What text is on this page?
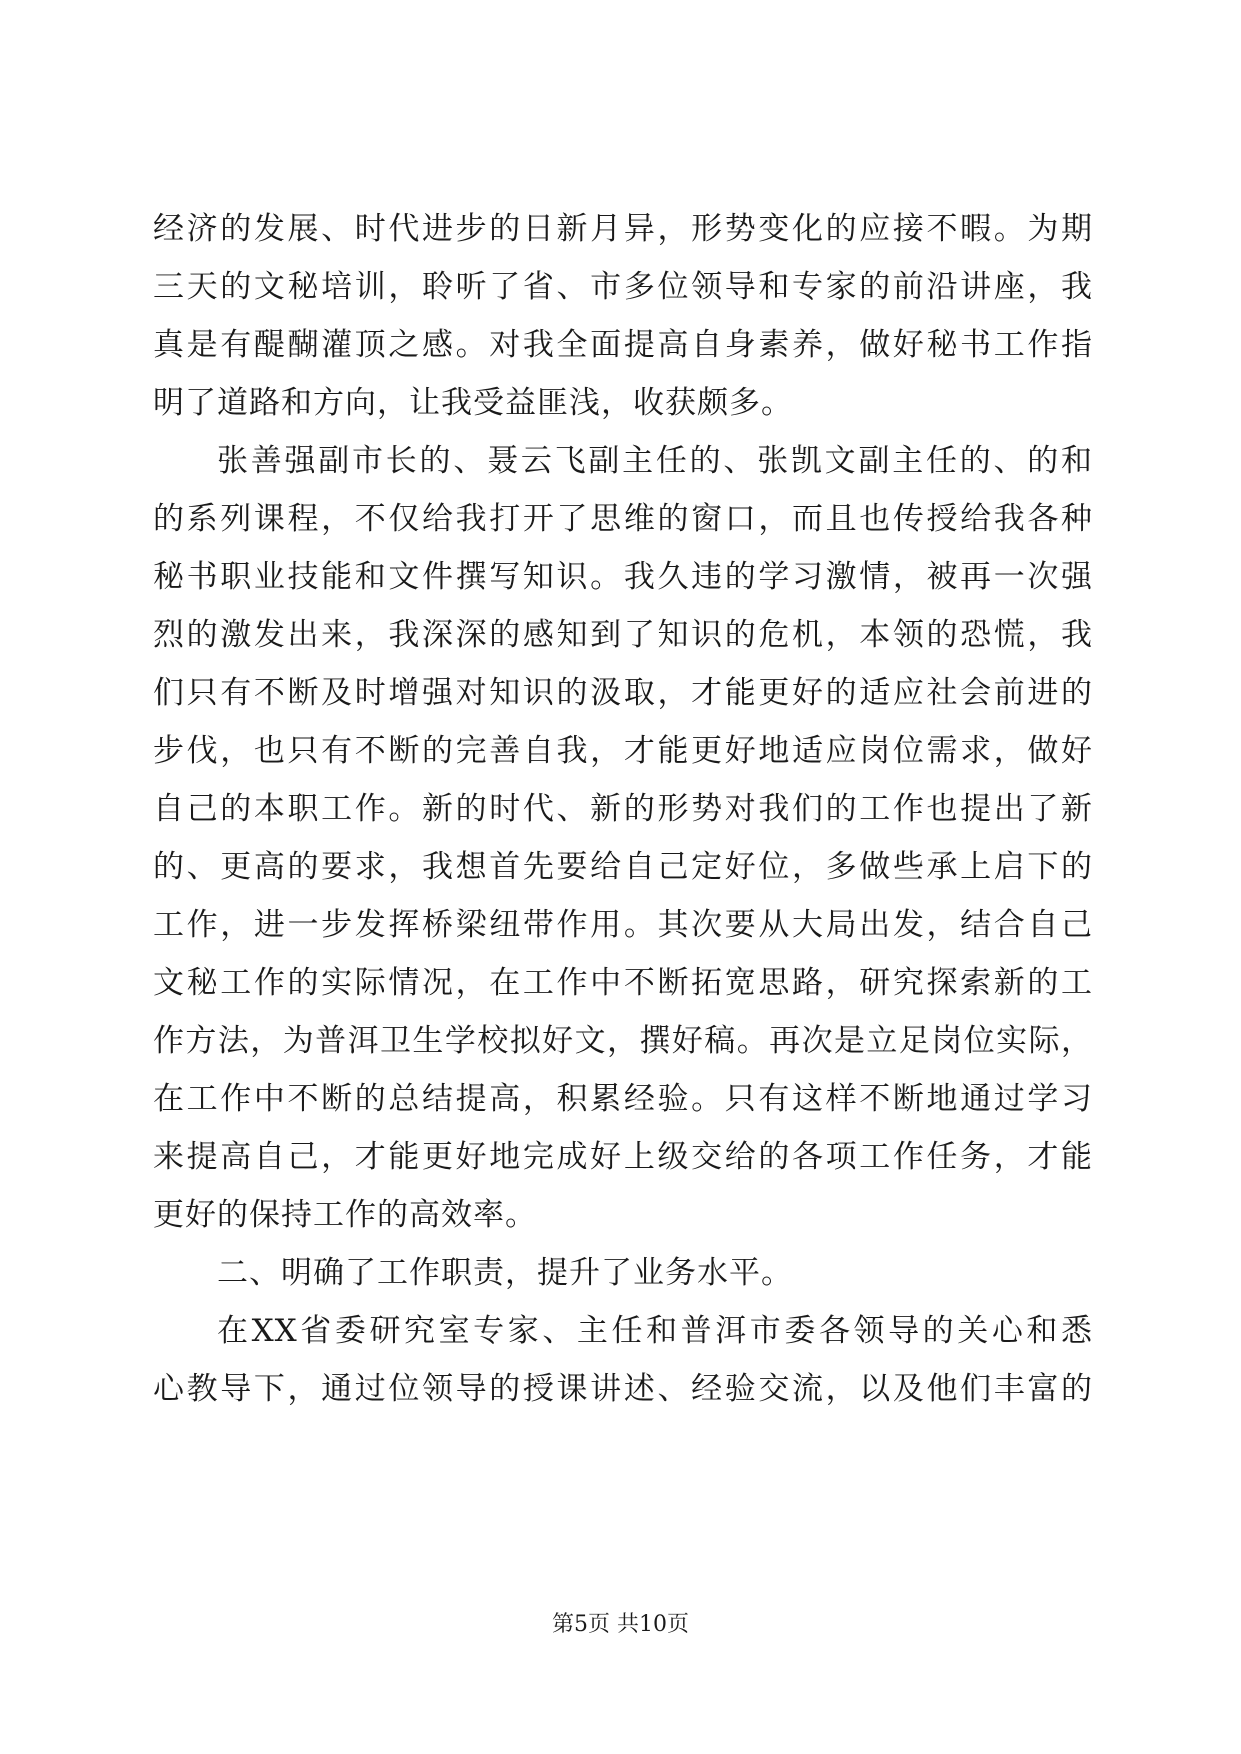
经济的发展、时代进步的日新月异，形势变化的应接不暇。为期
三天的文秘培训，聆听了省、市多位领导和专家的前沿讲座，我
真是有醍醐灌顶之感。对我全面提高自身素养，做好秘书工作指
明了道路和方向，让我受益匪浅，收获颇多。
张善强副市长的、聂云飞副主任的、张凯文副主任的、的和
的系列课程，不仅给我打开了思维的窗口，而且也传授给我各种
秘书职业技能和文件撰写知识。我久违的学习激情，被再一次强
烈的激发出来，我深深的感知到了知识的危机，本领的恐慌，我
们只有不断及时增强对知识的汲取，才能更好的适应社会前进的
步伐，也只有不断的完善自我，才能更好地适应岗位需求，做好
自己的本职工作。新的时代、新的形势对我们的工作也提出了新
的、更高的要求，我想首先要给自己定好位，多做些承上启下的
工作，进一步发挥桥梁纽带作用。其次要从大局出发，结合自己
文秘工作的实际情况，在工作中不断拓宽思路，研究探索新的工
作方法，为普洱卫生学校拟好文，撰好稿。再次是立足岗位实际，
在工作中不断的总结提高，积累经验。只有这样不断地通过学习
来提高自己，才能更好地完成好上级交给的各项工作任务，才能
更好的保持工作的高效率。
二、明确了工作职责，提升了业务水平。
在XX省委研究室专家、主任和普洱市委各领导的关心和悉
心教导下，通过位领导的授课讲述、经验交流，以及他们丰富的
第5页 共10页
